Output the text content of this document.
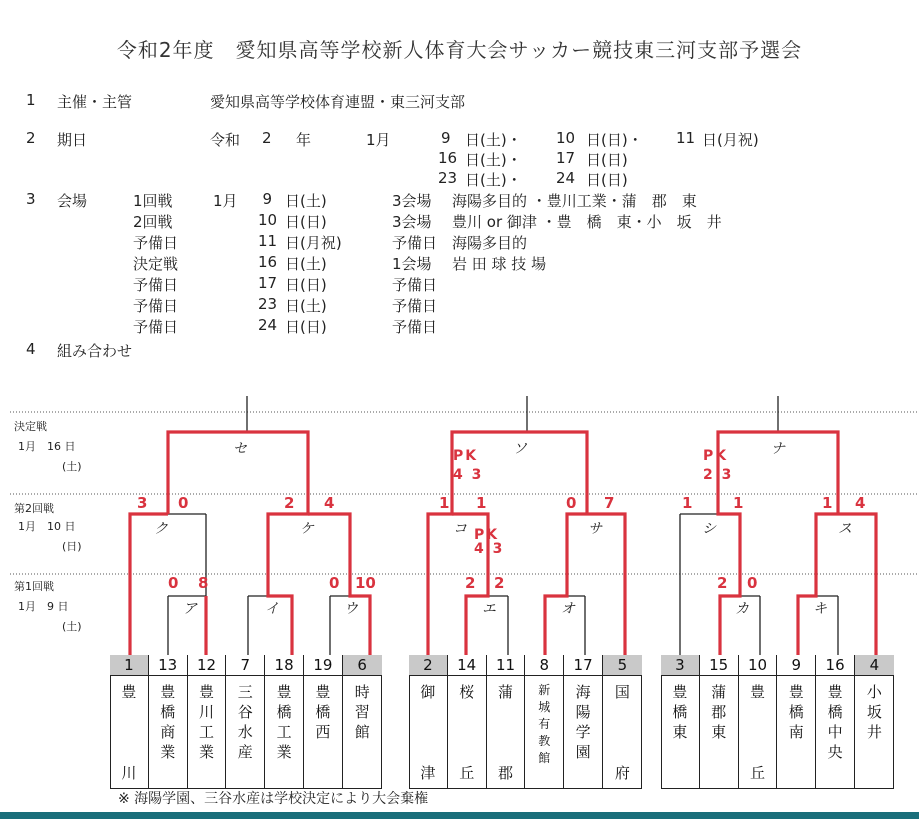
令和2年度　愛知県高等学校新人体育大会サッカー競技東三河支部予選会
1 主催・主管	愛知県高等学校体育連盟・東三河支部
2 期日	令和 2 年	1月	9 日(土)・ 10 日(日)・ 11 日(月祝)
16 日(土)・ 17 日(日)
23 日(土)・ 24 日(日)
3 会場	1回戦	1月 9 日(土)	3会場 海陽多目的 ・豊川工業・蒲　郡　東
2回戦	10 日(日)	3会場 豊川 or 御津 ・豊　橋　東・小　坂　井
予備日	11 日(月祝)	予備日 海陽多目的
決定戦	16 日(土)	1会場 岩 田 球 技 場
予備日	17 日(日)	予備日
予備日	23 日(土)	予備日
予備日	24 日(日)	予備日
4 組み合わせ
決定戦
1月　16 日
(土)
第2回戦
1月　10 日
(日)
第1回戦
1月　9 日
(土)
セ	ソ	ナ
ク	ケ	コ	サ	シ	ス
ア	イ	ウ	エ	オ	カ	キ
3 0	2 4	1 1	0 7	1	1	1 4
0 8	0 10	2 2	2 0
PK
4 3
PK
2 3
PK
4 3
1
豊
川
13
豊
橋
商
業
12
豊
川
工
業
7
三
谷
水
産
18
豊
橋
工
業
19
豊
橋
西
6
時
習
館
2
御
津
14
桜
丘
11
蒲
郡
8
新
城
有
教
館
17
海
陽
学
園
5
国
府
3
豊
橋
東
15
蒲
郡
東
10
豊
丘
9
豊
橋
南
16
豊
橋
中
央
4
小
坂
井
※ 海陽学園、三谷水産は学校決定により大会棄権
